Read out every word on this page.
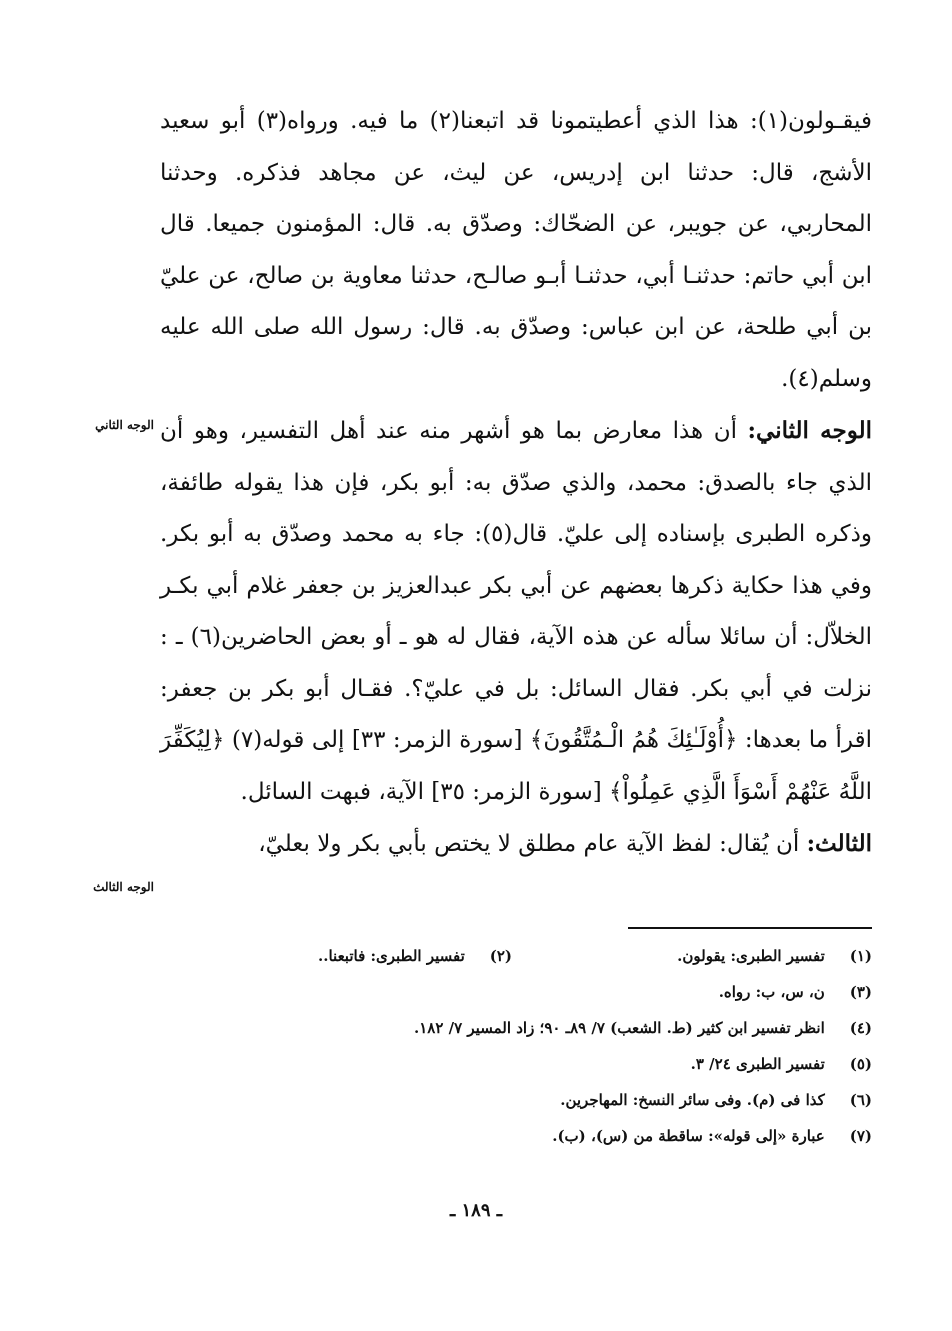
فيقـولون(١): هذا الذي أعطيتمونا قد اتبعنا(٢) ما فيه. ورواه(٣) أبو سعيد الأشج، قال: حدثنا ابن إدريس، عن ليث، عن مجاهد فذكره. وحدثنا المحاربي، عن جويبر، عن الضحّاك: وصدّق به. قال: المؤمنون جميعا. قال ابن أبي حاتم: حدثنـا أبي، حدثنـا أبـو صالـح، حدثنا معاوية بن صالح، عن عليّ بن أبي طلحة، عن ابن عباس: وصدّق به. قال: رسول الله صلى الله عليه وسلم(٤).

الوجه الثاني: أن هذا معارض بما هو أشهر منه عند أهل التفسير، وهو أن الذي جاء بالصدق: محمد، والذي صدّق به: أبو بكر، فإن هذا يقوله طائفة، وذكره الطبرى بإسناده إلى عليّ. قال(٥): جاء به محمد وصدّق به أبو بكر. وفي هذا حكاية ذكرها بعضهم عن أبي بكر عبدالعزيز بن جعفر غلام أبي بكـر الخلاّل: أن سائلا سأله عن هذه الآية، فقال له هو ـ أو بعض الحاضرين(٦) ـ : نزلت في أبي بكر. فقال السائل: بل في عليّ؟. فقـال أبو بكر بن جعفر: اقرأ ما بعدها: ﴿أُوْلَـٰئِكَ هُمُ الْـمُتَّقُونَ﴾ [سورة الزمر: ٣٣] إلى قوله(٧) ﴿لِيُكَفِّرَ اللَّهُ عَنْهُمْ أَسْوَأَ الَّذِي عَمِلُواْ﴾ [سورة الزمر: ٣٥] الآية، فبهت السائل.

الثالث: أن يُقال: لفظ الآية عام مطلق لا يختص بأبي بكر ولا بعليّ،

الوجه الثاني
الوجه الثالث
(١) تفسير الطبرى: يقولون.
(٢) تفسير الطبرى: فاتبعنا..
(٣) ن، س، ب: رواه.
(٤) انظر تفسير ابن كثير (ط. الشعب) ٧/ ٨٩ـ ٩٠؛ زاد المسير ٧/ ١٨٢.
(٥) تفسير الطبرى ٢٤/ ٣.
(٦) كذا فى (م). وفى سائر النسخ: المهاجرين.
(٧) عبارة «إلى قوله»: ساقطة من (س)، (ب).
ـ ١٨٩ ـ
